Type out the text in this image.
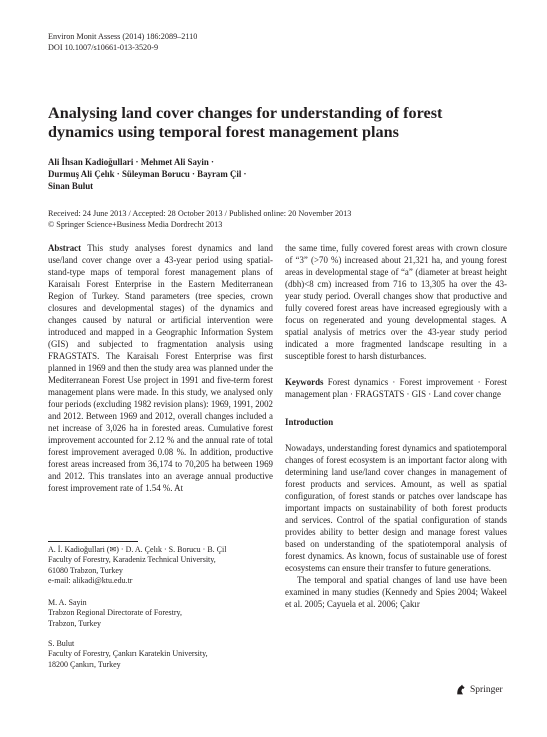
Environ Monit Assess (2014) 186:2089–2110
DOI 10.1007/s10661-013-3520-9
Analysing land cover changes for understanding of forest dynamics using temporal forest management plans
Ali İhsan Kadioğullari · Mehmet Ali Sayin ·
Durmuş Ali Çelık · Süleyman Borucu · Bayram Çil ·
Sinan Bulut
Received: 24 June 2013 / Accepted: 28 October 2013 / Published online: 20 November 2013
© Springer Science+Business Media Dordrecht 2013

Abstract This study analyses forest dynamics and land use/land cover change over a 43-year period using spatial-stand-type maps of temporal forest management plans of Karaisalı Forest Enterprise in the Eastern Mediterranean Region of Turkey. Stand parameters (tree species, crown closures and developmental stages) of the dynamics and changes caused by natural or artificial intervention were introduced and mapped in a Geographic Information System (GIS) and subjected to fragmentation analysis using FRAGSTATS. The Karaisalı Forest Enterprise was first planned in 1969 and then the study area was planned under the Mediterranean Forest Use project in 1991 and five-term forest management plans were made. In this study, we analysed only four periods (excluding 1982 revision plans): 1969, 1991, 2002 and 2012. Between 1969 and 2012, overall changes included a net increase of 3,026 ha in forested areas. Cumulative forest improvement accounted for 2.12 % and the annual rate of total forest improvement averaged 0.08 %. In addition, productive forest areas increased from 36,174 to 70,205 ha between 1969 and 2012. This translates into an average annual productive forest improvement rate of 1.54 %. At

the same time, fully covered forest areas with crown closure of “3” (>70 %) increased about 21,321 ha, and young forest areas in developmental stage of “a” (diameter at breast height (dbh)<8 cm) increased from 716 to 13,305 ha over the 43-year study period. Overall changes show that productive and fully covered forest areas have increased egregiously with a focus on regenerated and young developmental stages. A spatial analysis of metrics over the 43-year study period indicated a more fragmented landscape resulting in a susceptible forest to harsh disturbances.

Keywords Forest dynamics · Forest improvement · Forest management plan · FRAGSTATS · GIS · Land cover change

Introduction

Nowadays, understanding forest dynamics and spatiotemporal changes of forest ecosystem is an important factor along with determining land use/land cover changes in management of forest products and services. Amount, as well as spatial configuration, of forest stands or patches over landscape has important impacts on sustainability of both forest products and services. Control of the spatial configuration of stands provides ability to better design and manage forest values based on understanding of the spatiotemporal analysis of forest dynamics. As known, focus of sustainable use of forest ecosystems can ensure their transfer to future generations.

The temporal and spatial changes of land use have been examined in many studies (Kennedy and Spies 2004; Wakeel et al. 2005; Cayuela et al. 2006; Çakır

A. İ. Kadioğullari (✉) · D. A. Çelık · S. Borucu · B. Çil
Faculty of Forestry, Karadeniz Technical University,
61080 Trabzon, Turkey
e-mail: alikadi@ktu.edu.tr
M. A. Sayin
Trabzon Regional Directorate of Forestry,
Trabzon, Turkey
S. Bulut
Faculty of Forestry, Çankırı Karatekin University,
18200 Çankırı, Turkey
Springer
